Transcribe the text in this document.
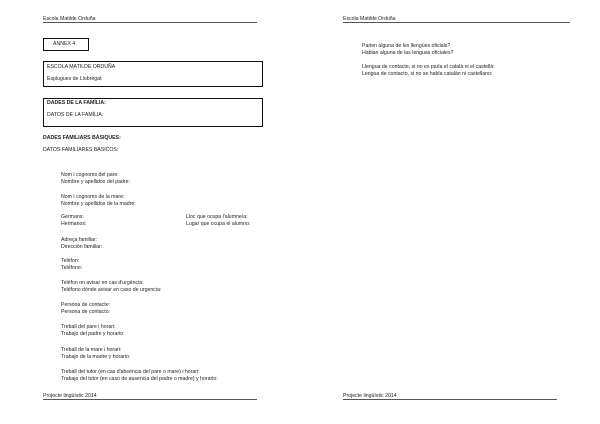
Escola Matilde Orduña
ANNEX 4
ESCOLA MATILDE ORDUÑA
Esplugues de Llobregat
DADES DE LA FAMÍLIA:
DATOS DE LA FAMÍLIA:
DADES FAMILIARS BÀSIQUES:
DATOS FAMILIARES BÁSICOS:
Nom i cognoms del pare:
Nombre y apellidos del padre:
Nom i cognoms de la mare:
Nombre y apellidos de la madre:
Germans:
Hermanos:
Adreça familiar:
Dirección familiar:
Telèfon:
Teléfono:
Telèfon on avisar en cas d'urgència:
Teléfono dónde avisar en caso de urgencia:
Persona de contacte:
Persona de contacto:
Treball del pare i horari:
Trabajo del padre y horario:
Treball de la mare i horari:
Trabajo de la madre y horario:
Treball del tutor (en cas d'absència del pare o mare) i horari:
Trabajo del tutor (en caso de ausencia del padre o madre) y horario:
Lloc que ocupa l'alumne/a:
Lugar que ocupa el alumno:
Projecte lingüístic 2014
Escola Matilde Orduña
Parlen alguna de les llengües oficials?
Hablan alguna de las lenguas oficiales?
Llengua de contacte, si no es parla el català ni el castellà:
Lengua de contacto, si no se habla catalán ni castellano:
Projecte lingüístic 2014
